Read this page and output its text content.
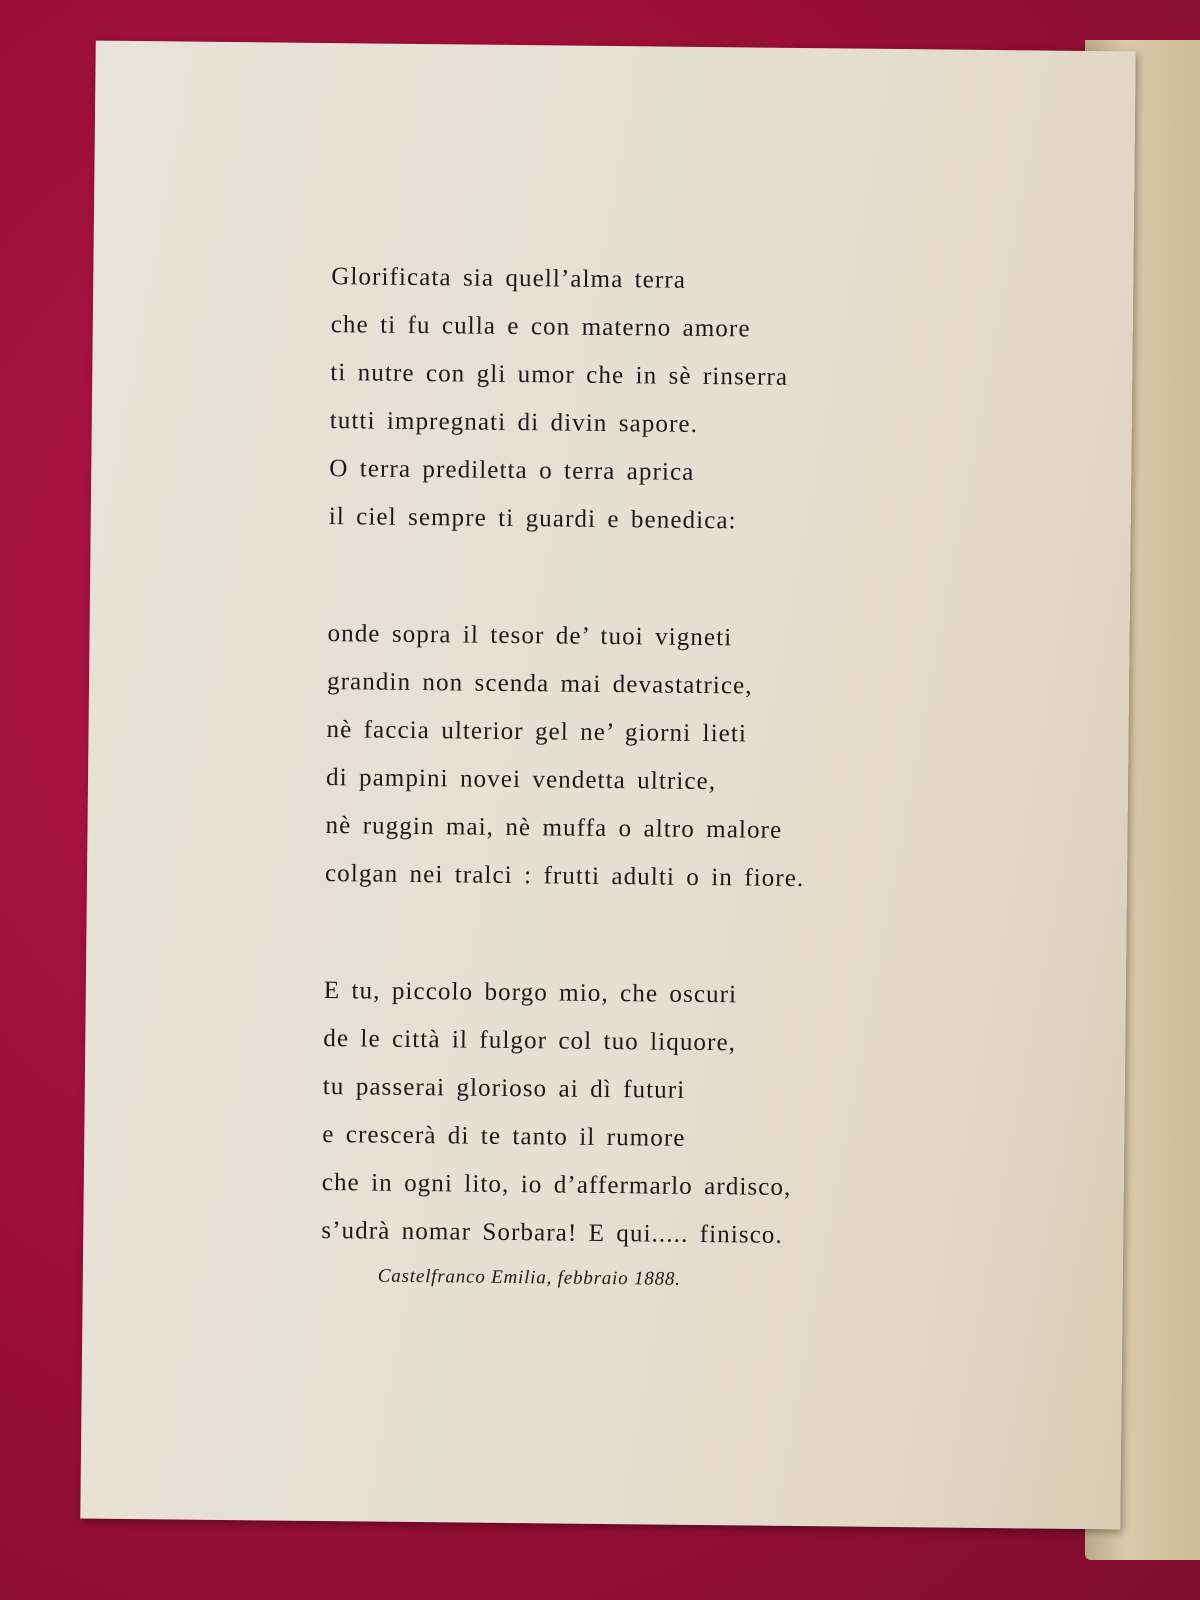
Glorificata sia quell’alma terra
che ti fu culla e con materno amore
ti nutre con gli umor che in sè rinserra
tutti impregnati di divin sapore.
O terra prediletta o terra aprica
il ciel sempre ti guardi e benedica:
onde sopra il tesor de’ tuoi vigneti
grandin non scenda mai devastatrice,
nè faccia ulterior gel ne’ giorni lieti
di pampini novei vendetta ultrice,
nè ruggin mai, nè muffa o altro malore
colgan nei tralci : frutti adulti o in fiore.
E tu, piccolo borgo mio, che oscuri
de le città il fulgor col tuo liquore,
tu passerai glorioso ai dì futuri
e crescerà di te tanto il rumore
che in ogni lito, io d’affermarlo ardisco,
s’udrà nomar Sorbara! E qui..... finisco.
Castelfranco Emilia, febbraio 1888.
